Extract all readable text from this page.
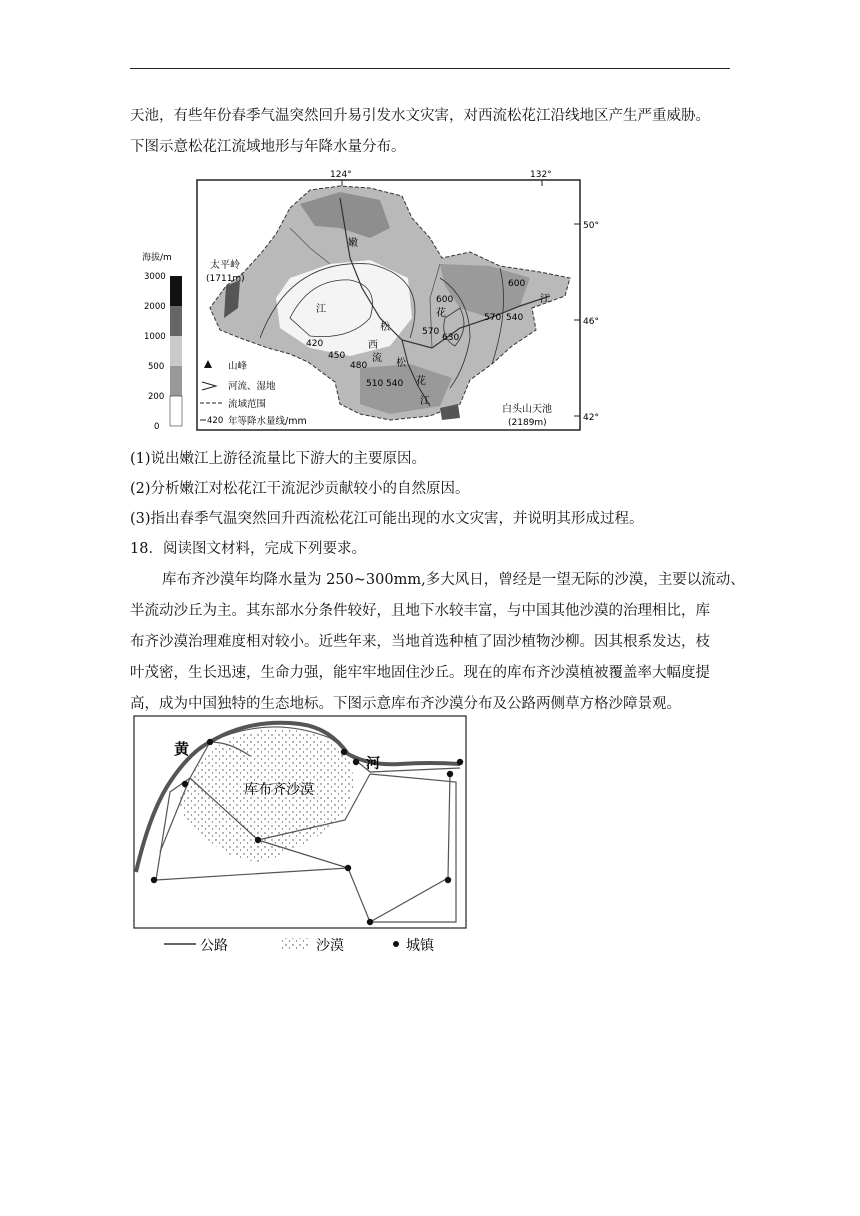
天池，有些年份春季气温突然回升易引发水文灾害，对西流松花江沿线地区产生严重威胁。
下图示意松花江流域地形与年降水量分布。
124°	132°
50°
46°
42°
太平岭
(1711m)
白头山天池
(2189m)
嫩
江
松
花
江
西
流 松
花
江
600
570
630
420
450
480
510 540
600
570 540
海拔/m
3000
2000
1000
500
200
0
山峰
河流、湿地
流域范围
420 年等降水量线/mm
(1)说出嫩江上游径流量比下游大的主要原因。
(2)分析嫩江对松花江干流泥沙贡献较小的自然原因。
(3)指出春季气温突然回升西流松花江可能出现的水文灾害，并说明其形成过程。
18．阅读图文材料，完成下列要求。
库布齐沙漠年均降水量为 250~300mm,多大风日，曾经是一望无际的沙漠，主要以流动、
半流动沙丘为主。其东部水分条件较好，且地下水较丰富，与中国其他沙漠的治理相比，库
布齐沙漠治理难度相对较小。近些年来，当地首选种植了固沙植物沙柳。因其根系发达，枝
叶茂密，生长迅速，生命力强，能牢牢地固住沙丘。现在的库布齐沙漠植被覆盖率大幅度提
高，成为中国独特的生态地标。下图示意库布齐沙漠分布及公路两侧草方格沙障景观。
黄
河
库布齐沙漠
公路	沙漠	城镇
